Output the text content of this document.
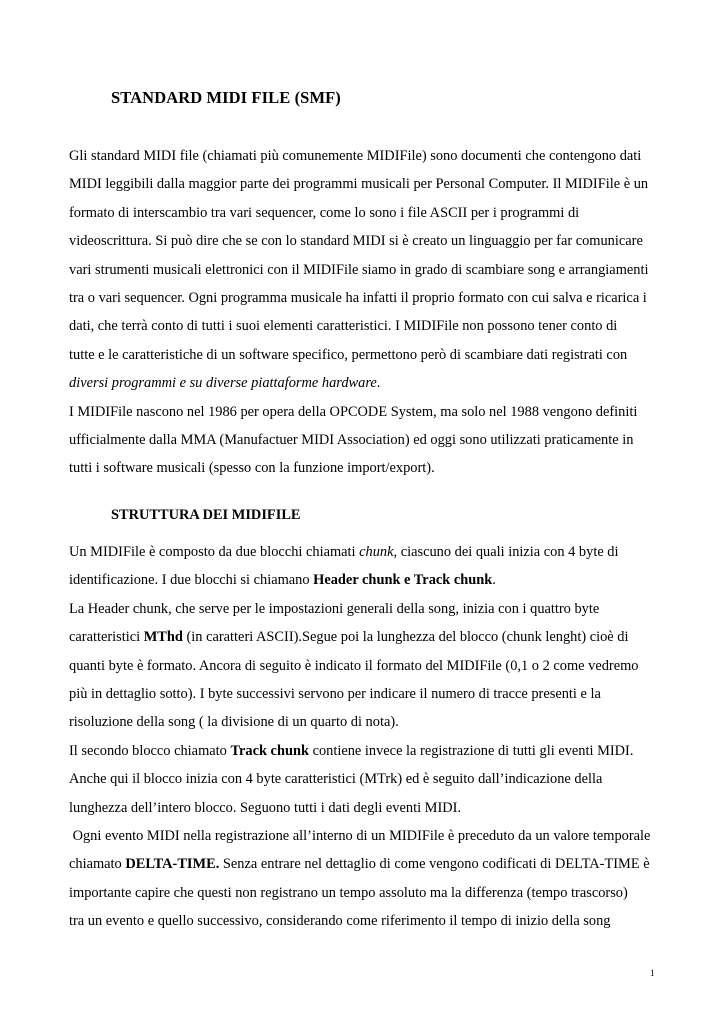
STANDARD MIDI FILE (SMF)
Gli standard MIDI file (chiamati più comunemente MIDIFile) sono documenti che contengono dati
MIDI leggibili dalla maggior parte dei programmi musicali per Personal Computer. Il MIDIFile è un
formato di interscambio tra vari sequencer, come lo sono i file ASCII per i programmi di
videoscrittura. Si può dire che se con lo standard MIDI si è creato un linguaggio per far comunicare
vari strumenti musicali elettronici con il MIDIFile siamo in grado di scambiare song e arrangiamenti
tra o vari sequencer. Ogni programma musicale ha infatti il proprio formato con cui salva e ricarica i
dati, che terrà conto di tutti i suoi elementi caratteristici. I MIDIFile non possono tener conto di
tutte e le caratteristiche di un software specifico, permettono però di scambiare dati registrati con
diversi programmi e su diverse piattaforme hardware.
I MIDIFile nascono nel 1986 per opera della OPCODE System, ma solo nel 1988 vengono definiti
ufficialmente dalla MMA (Manufactuer MIDI Association) ed oggi sono utilizzati praticamente in
tutti i software musicali (spesso con la funzione import/export).
STRUTTURA DEI MIDIFILE
Un MIDIFile è composto da due blocchi chiamati chunk, ciascuno dei quali inizia con 4 byte di
identificazione. I due blocchi si chiamano Header chunk e Track chunk.
La Header chunk, che serve per le impostazioni generali della song, inizia con i quattro byte
caratteristici MThd (in caratteri ASCII).Segue poi la lunghezza del blocco (chunk lenght) cioè di
quanti byte è formato. Ancora di seguito è indicato il formato del MIDIFile (0,1 o 2 come vedremo
più in dettaglio sotto). I byte successivi servono per indicare il numero di tracce presenti e la
risoluzione della song ( la divisione di un quarto di nota).
Il secondo blocco chiamato Track chunk contiene invece la registrazione di tutti gli eventi MIDI.
Anche qui il blocco inizia con 4 byte caratteristici (MTrk) ed è seguito dall’indicazione della
lunghezza dell’intero blocco. Seguono tutti i dati degli eventi MIDI.
Ogni evento MIDI nella registrazione all’interno di un MIDIFile è preceduto da un valore temporale
chiamato DELTA-TIME. Senza entrare nel dettaglio di come vengono codificati di DELTA-TIME è
importante capire che questi non registrano un tempo assoluto ma la differenza (tempo trascorso)
tra un evento e quello successivo, considerando come riferimento il tempo di inizio della song
1
